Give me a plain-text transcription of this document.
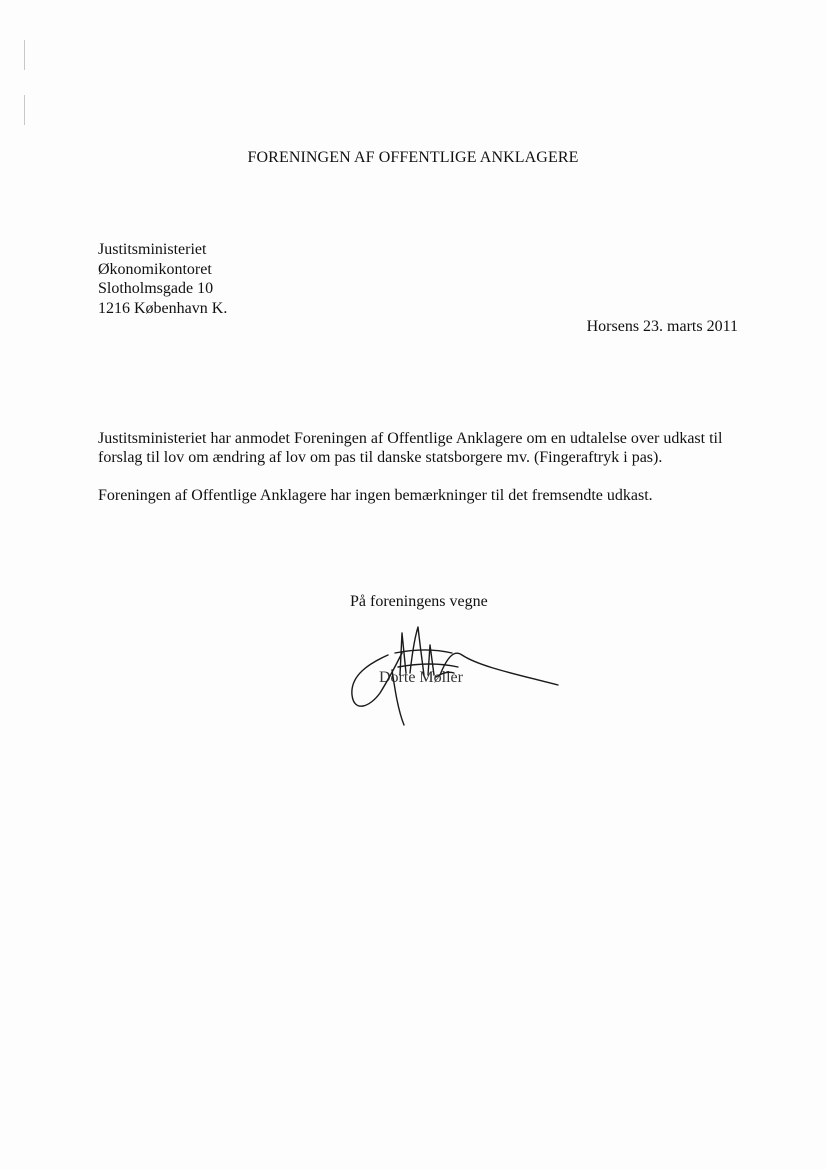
FORENINGEN AF OFFENTLIGE ANKLAGERE
Justitsministeriet
Økonomikontoret
Slotholmsgade 10
1216 København K.
Horsens 23. marts 2011
Justitsministeriet har anmodet Foreningen af Offentlige Anklagere om en udtalelse over udkast til forslag til lov om ændring af lov om pas til danske statsborgere mv. (Fingeraftryk i pas).
Foreningen af Offentlige Anklagere har ingen bemærkninger til det fremsendte udkast.
På foreningens vegne
Dorte Møller
